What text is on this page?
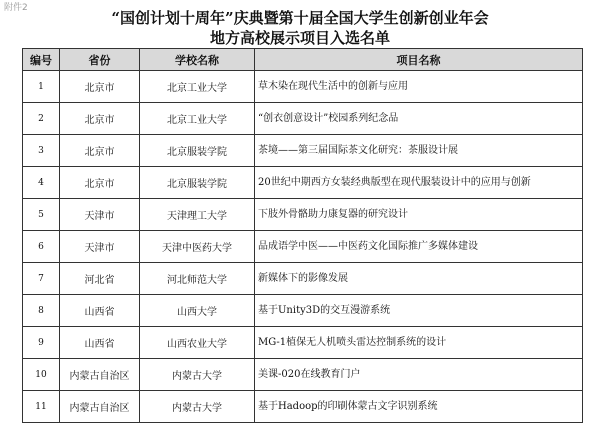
附件2
“国创计划十周年”庆典暨第十届全国大学生创新创业年会
地方高校展示项目入选名单
编号	省份	学校名称	项目名称
1	北京市	北京工业大学	草木染在现代生活中的创新与应用
2	北京市	北京工业大学	“创衣创意设计”校园系列纪念品
3	北京市	北京服装学院	茶境——第三届国际茶文化研究：茶服设计展
4	北京市	北京服装学院	20世纪中期西方女装经典版型在现代服装设计中的应用与创新
5	天津市	天津理工大学	下肢外骨骼助力康复器的研究设计
6	天津市	天津中医药大学	品成语学中医——中医药文化国际推广多媒体建设
7	河北省	河北师范大学	新媒体下的影像发展
8	山西省	山西大学	基于Unity3D的交互漫游系统
9	山西省	山西农业大学	MG-1植保无人机喷头雷达控制系统的设计
10	内蒙古自治区	内蒙古大学	美课-020在线教育门户
11	内蒙古自治区	内蒙古大学	基于Hadoop的印刷体蒙古文字识别系统
